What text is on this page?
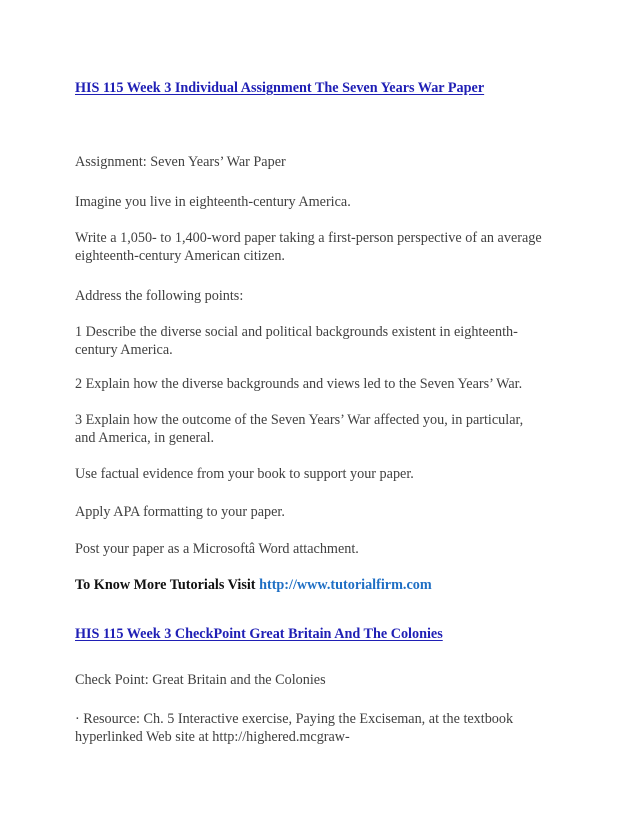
HIS 115 Week 3 Individual Assignment The Seven Years War Paper
Assignment: Seven Years’ War Paper
Imagine you live in eighteenth-century America.
Write a 1,050- to 1,400-word paper taking a first-person perspective of an average
eighteenth-century American citizen.
Address the following points:
1 Describe the diverse social and political backgrounds existent in eighteenth-
century America.
2 Explain how the diverse backgrounds and views led to the Seven Years’ War.
3 Explain how the outcome of the Seven Years’ War affected you, in particular,
and America, in general.
Use factual evidence from your book to support your paper.
Apply APA formatting to your paper.
Post your paper as a Microsoftâ Word attachment.
To Know More Tutorials Visit http://www.tutorialfirm.com
HIS 115 Week 3 CheckPoint Great Britain And The Colonies
Check Point: Great Britain and the Colonies
· Resource: Ch. 5 Interactive exercise, Paying the Exciseman, at the textbook
hyperlinked Web site at http://highered.mcgraw-
